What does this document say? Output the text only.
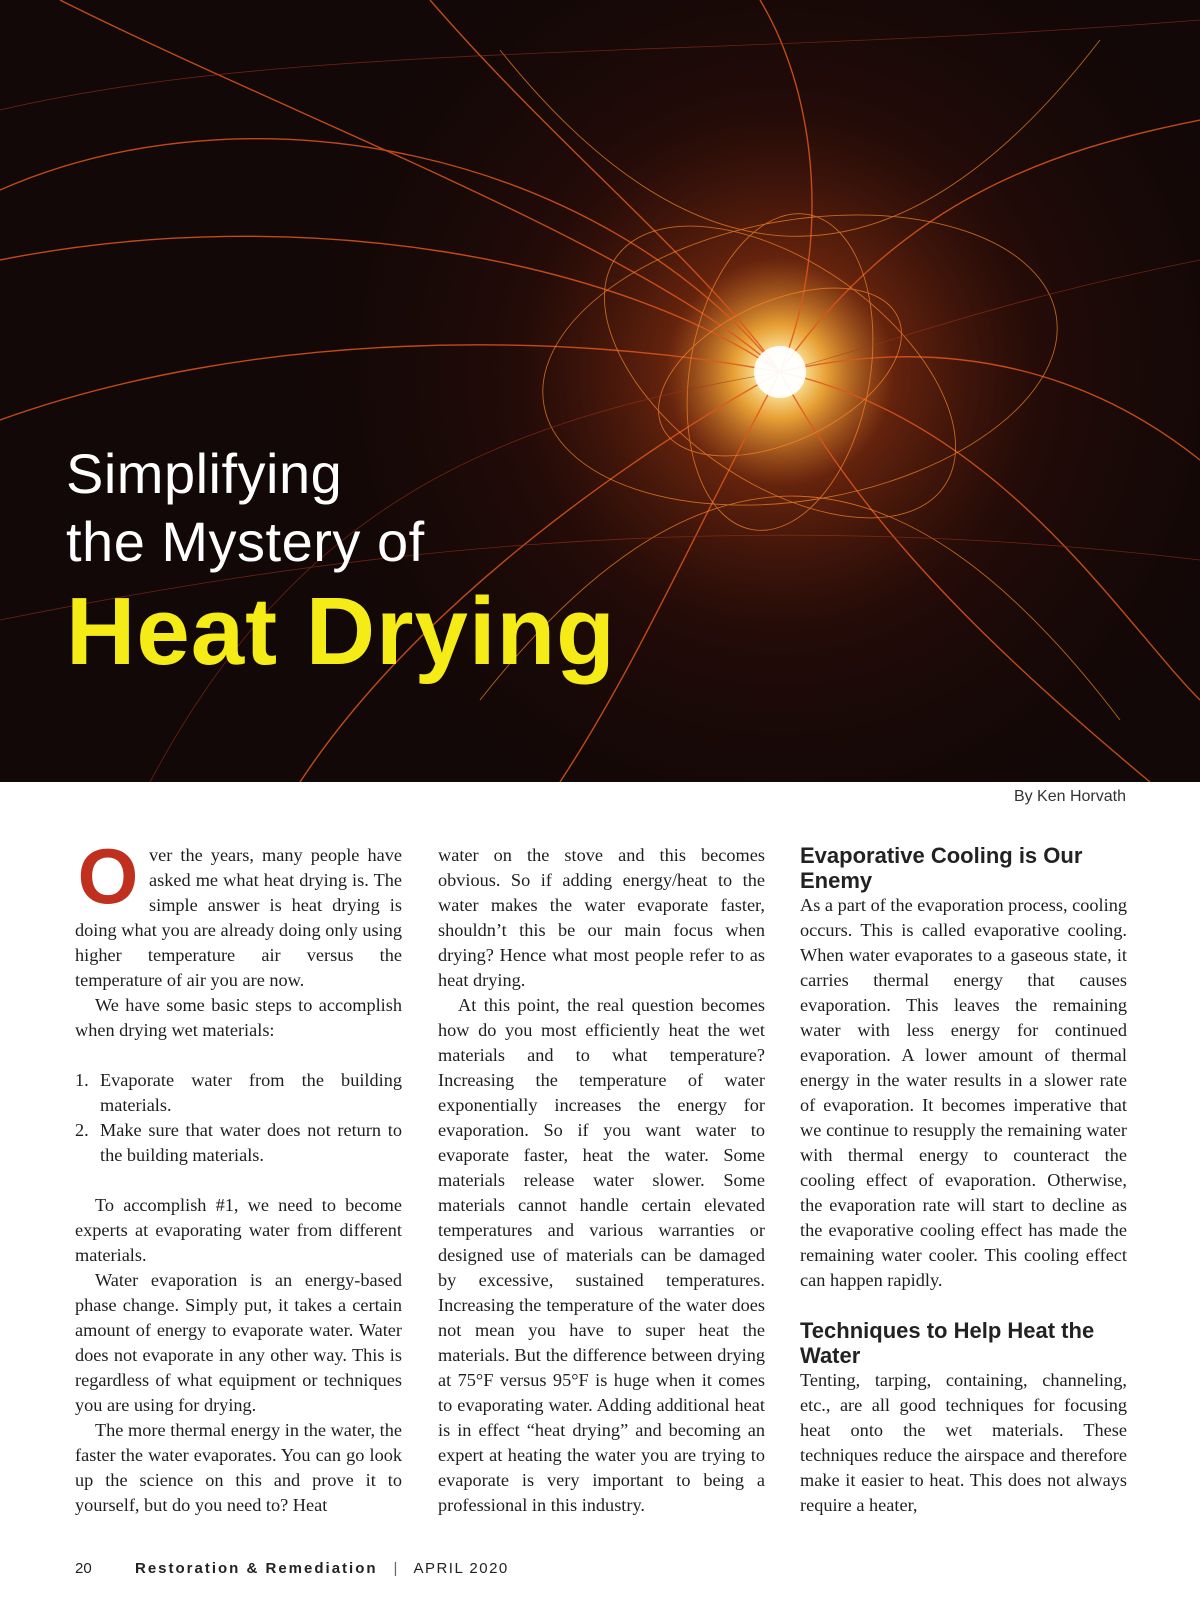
Simplifying
the Mystery of
Heat Drying
By Ken Horvath
O ver the years, many people have asked me what heat drying is. The simple answer is heat drying is doing what you are already doing only using higher temperature air versus the temperature of air you are now.

We have some basic steps to accomplish when drying wet materials:

1. Evaporate water from the building materials.
2. Make sure that water does not return to the building materials.

To accomplish #1, we need to become experts at evaporating water from different materials.

Water evaporation is an energy-based phase change. Simply put, it takes a certain amount of energy to evaporate water. Water does not evaporate in any other way. This is regardless of what equipment or techniques you are using for drying.

The more thermal energy in the water, the faster the water evaporates. You can go look up the science on this and prove it to yourself, but do you need to? Heat

water on the stove and this becomes obvious. So if adding energy/heat to the water makes the water evaporate faster, shouldn’t this be our main focus when drying? Hence what most people refer to as heat drying.

At this point, the real question becomes how do you most efficiently heat the wet materials and to what temperature? Increasing the temperature of water exponentially increases the energy for evaporation. So if you want water to evaporate faster, heat the water. Some materials release water slower. Some materials cannot handle certain elevated temperatures and various warranties or designed use of materials can be damaged by excessive, sustained temperatures. Increasing the temperature of the water does not mean you have to super heat the materials. But the difference between drying at 75°F versus 95°F is huge when it comes to evaporating water. Adding additional heat is in effect “heat drying” and becoming an expert at heating the water you are trying to evaporate is very important to being a professional in this industry.

Evaporative Cooling is Our Enemy

As a part of the evaporation process, cooling occurs. This is called evaporative cooling. When water evaporates to a gaseous state, it carries thermal energy that causes evaporation. This leaves the remaining water with less energy for continued evaporation. A lower amount of thermal energy in the water results in a slower rate of evaporation. It becomes imperative that we continue to resupply the remaining water with thermal energy to counteract the cooling effect of evaporation. Otherwise, the evaporation rate will start to decline as the evaporative cooling effect has made the remaining water cooler. This cooling effect can happen rapidly.

Techniques to Help Heat the Water

Tenting, tarping, containing, channeling, etc., are all good techniques for focusing heat onto the wet materials. These techniques reduce the airspace and therefore make it easier to heat. This does not always require a heater,

20	Restoration & Remediation | APRIL 2020
